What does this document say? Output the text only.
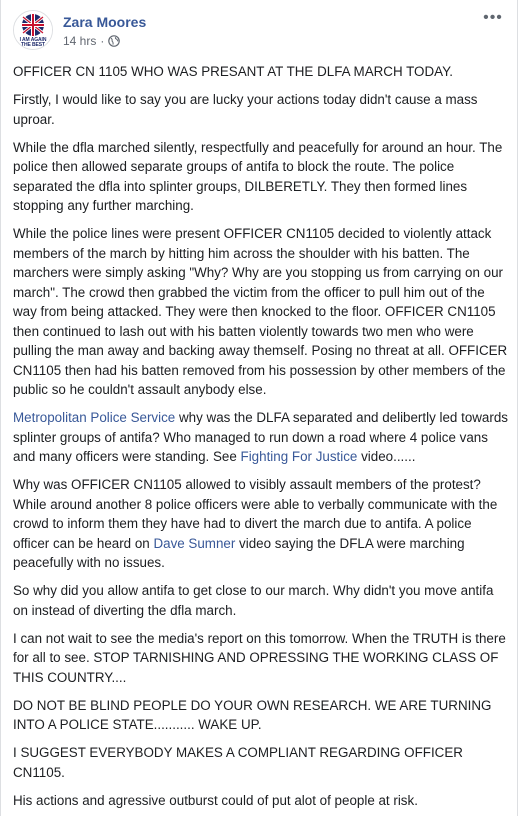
I AM AGAIN
THE BEST
Zara Moores
14 hrs ·
•••

OFFICER CN 1105 WHO WAS PRESANT AT THE DLFA MARCH TODAY.

Firstly, I would like to say you are lucky your actions today didn't cause a mass uproar.

While the dfla marched silently, respectfully and peacefully for around an hour. The police then allowed separate groups of antifa to block the route. The police separated the dfla into splinter groups, DILBERETLY. They then formed lines stopping any further marching.

While the police lines were present OFFICER CN1105 decided to violently attack members of the march by hitting him across the shoulder with his batten. The marchers were simply asking "Why? Why are you stopping us from carrying on our march". The crowd then grabbed the victim from the officer to pull him out of the way from being attacked. They were then knocked to the floor. OFFICER CN1105 then continued to lash out with his batten violently towards two men who were pulling the man away and backing away themself. Posing no threat at all. OFFICER CN1105 then had his batten removed from his possession by other members of the public so he couldn't assault anybody else.

Metropolitan Police Service why was the DLFA separated and delibertly led towards splinter groups of antifa? Who managed to run down a road where 4 police vans and many officers were standing. See Fighting For Justice video......

Why was OFFICER CN1105 allowed to visibly assault members of the protest? While around another 8 police officers were able to verbally communicate with the crowd to inform them they have had to divert the march due to antifa. A police officer can be heard on Dave Sumner video saying the DFLA were marching peacefully with no issues.

So why did you allow antifa to get close to our march. Why didn't you move antifa on instead of diverting the dfla march.

I can not wait to see the media's report on this tomorrow. When the TRUTH is there for all to see. STOP TARNISHING AND OPRESSING THE WORKING CLASS OF THIS COUNTRY....

DO NOT BE BLIND PEOPLE DO YOUR OWN RESEARCH. WE ARE TURNING INTO A POLICE STATE........... WAKE UP.

I SUGGEST EVERYBODY MAKES A COMPLIANT REGARDING OFFICER CN1105.

His actions and agressive outburst could of put alot of people at risk.
